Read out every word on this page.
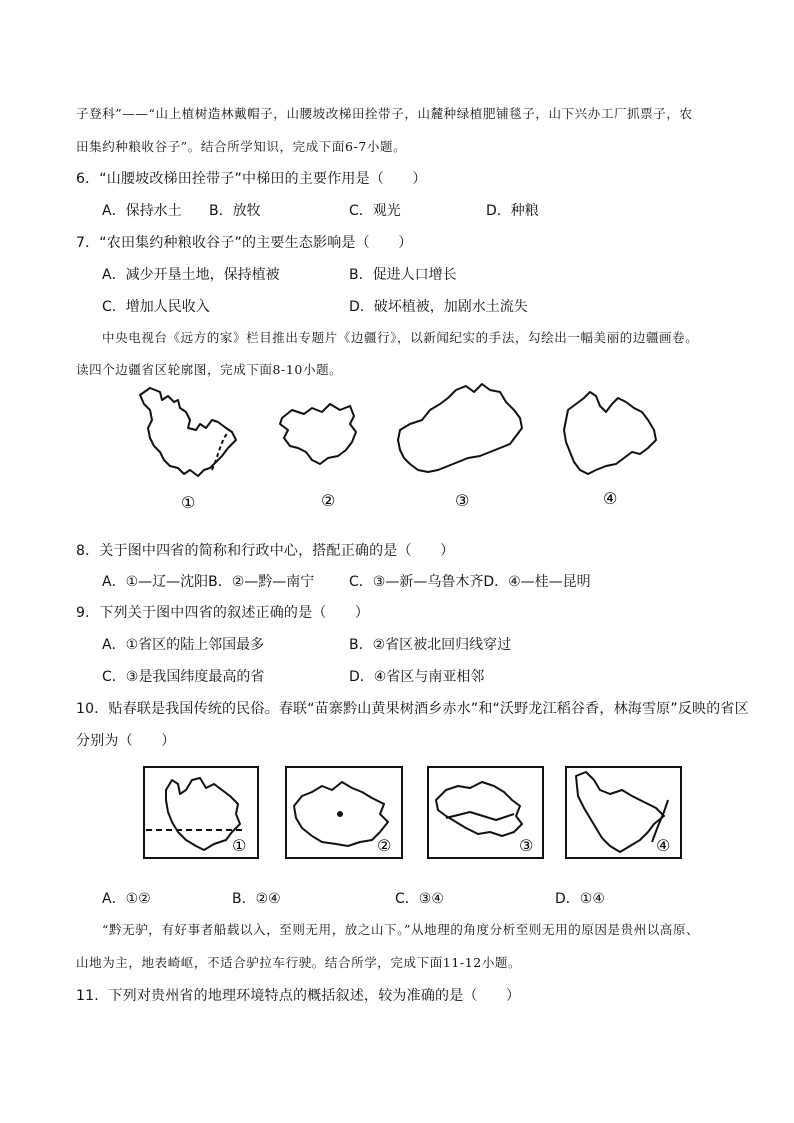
子登科”——“山上植树造林戴帽子，山腰坡改梯田拴带子，山麓种绿植肥铺毯子，山下兴办工厂抓票子，农
田集约种粮收谷子”。结合所学知识，完成下面6-7小题。
6．“山腰坡改梯田拴带子”中梯田的主要作用是（　　）
A．保持水土 B．放牧	C．观光	D．种粮
7．“农田集约种粮收谷子”的主要生态影响是（　　）
A．减少开垦土地，保持植被	B．促进人口增长
C．增加人民收入	D．破坏植被，加剧水土流失
中央电视台《远方的家》栏目推出专题片《边疆行》，以新闻纪实的手法，勾绘出一幅美丽的边疆画卷。
读四个边疆省区轮廓图，完成下面8-10小题。
①	②	③	④
8．关于图中四省的简称和行政中心，搭配正确的是（　　）
A．①—辽—沈阳B．②—黔—南宁 C．③—新—乌鲁木齐D．④—桂—昆明
9．下列关于图中四省的叙述正确的是（　　）
A．①省区的陆上邻国最多	B．②省区被北回归线穿过
C．③是我国纬度最高的省	D．④省区与南亚相邻
10．贴春联是我国传统的民俗。春联“苗寨黔山黄果树酒乡赤水”和“沃野龙江稻谷香，林海雪原”反映的省区
分别为（　　）
①	②	③	④
A．①②	B．②④	C．③④	D．①④
“黔无驴，有好事者船载以入，至则无用，放之山下。”从地理的角度分析至则无用的原因是贵州以高原、
山地为主，地表崎岖，不适合驴拉车行驶。结合所学，完成下面11-12小题。
11．下列对贵州省的地理环境特点的概括叙述，较为准确的是（　　）
